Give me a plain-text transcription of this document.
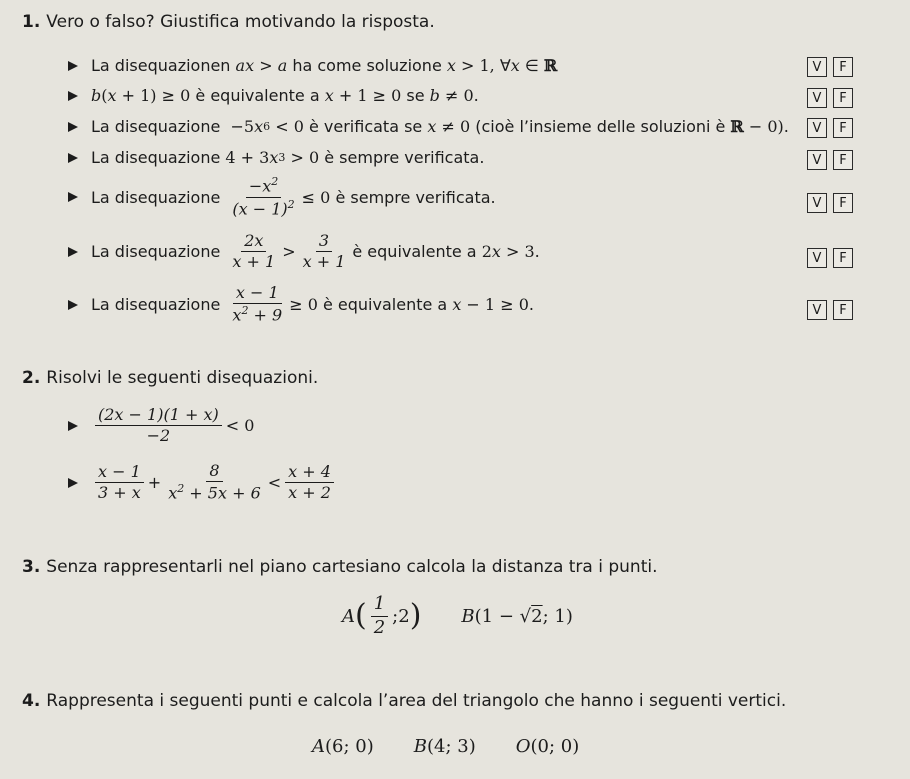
1. Vero o falso? Giustifica motivando la risposta.
La disequazionen
ax > a
ha come soluzione
x > 1, ∀ x ∈ ℝ	V	F
b ( x + 1) ≥ 0
è equivalente a
x + 1 ≥ 0
se
b ≠ 0.	V	F
La disequazione − 5 x 6 < 0
è verificata se
x ≠ 0
(cioè l’insieme delle soluzioni è
ℝ − 0).	V	F
La disequazione
4 + 3 x 3 > 0
è sempre verificata.	V	F
La disequazione
$\frac{-x^2}{(x - 1)^2} \le 0$
è sempre verificata.	V	F
La disequazione
$\frac{2x}{x + 1} > \frac{3}{x + 1}$ è equivalente a
2 x > 3.	V	F
La disequazione
$\frac{x - 1}{x^2 + 9} \ge 0$
è equivalente a
x − 1 ≥ 0.	V	F
2. Risolvi le seguenti disequazioni.
$\frac{(2x - 1)(1 + x)}{-2} < 0$
$\frac{x - 1}{3 + x} + \frac{8}{x^2 + 5x + 6} < \frac{x + 4}{x + 2}$
3. Senza rappresentarli nel piano cartesiano calcola la distanza tra i punti.
A ( $\frac{1}{2}$ ;2 ) B (1 − √2; 1)
4. Rappresenta i seguenti punti e calcola l’area del triangolo che hanno i seguenti vertici.
A (6; 0) B (4; 3) O (0; 0)
